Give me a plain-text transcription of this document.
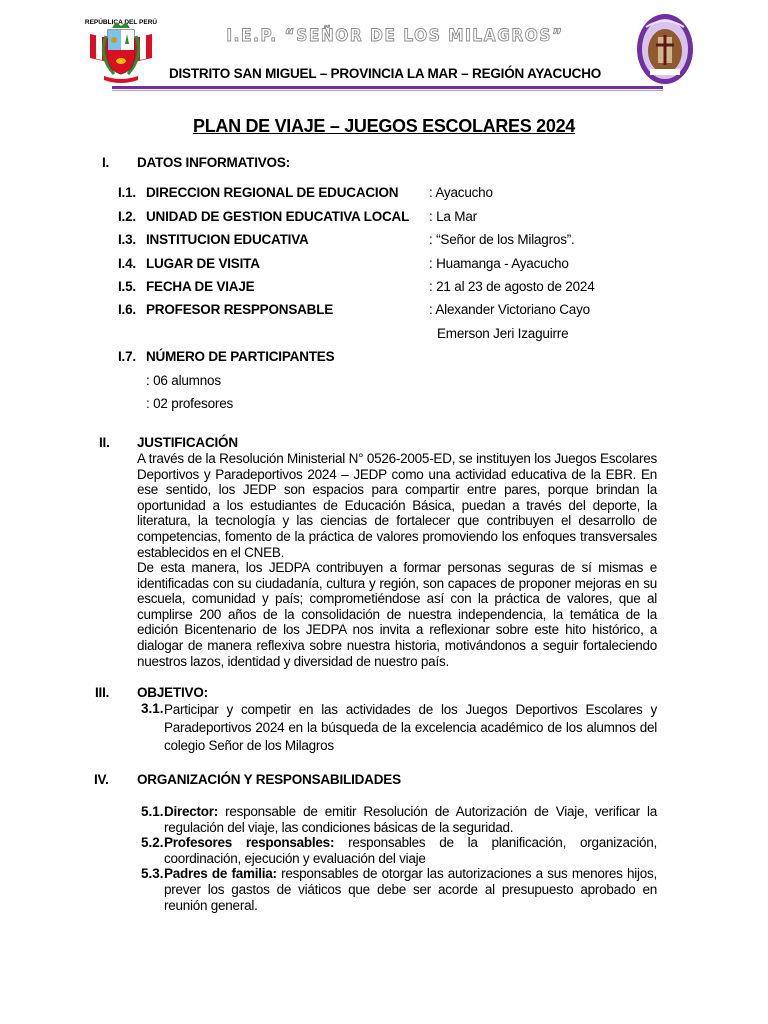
REPÚBLICA DEL PERÚ
I.E.P. “SEÑOR DE LOS MILAGROS”
DISTRITO SAN MIGUEL – PROVINCIA LA MAR – REGIÓN AYACUCHO
PLAN DE VIAJE – JUEGOS ESCOLARES 2024
I. DATOS INFORMATIVOS:
I.1. DIRECCION REGIONAL DE EDUCACION : Ayacucho
I.2. UNIDAD DE GESTION EDUCATIVA LOCAL : La Mar
I.3. INSTITUCION EDUCATIVA	: “Señor de los Milagros”.
I.4. LUGAR DE VISITA	: Huamanga - Ayacucho
I.5. FECHA DE VIAJE	: 21 al 23 de agosto de 2024
I.6. PROFESOR RESPPONSABLE	: Alexander Victoriano Cayo
Emerson Jeri Izaguirre
I.7. NÚMERO DE PARTICIPANTES
: 06 alumnos
: 02 profesores
II. JUSTIFICACIÓN
A través de la Resolución Ministerial N° 0526-2005-ED, se instituyen los Juegos Escolares Deportivos y Paradeportivos 2024 – JEDP como una actividad educativa de la EBR. En ese sentido, los JEDP son espacios para compartir entre pares, porque brindan la oportunidad a los estudiantes de Educación Básica, puedan a través del deporte, la literatura, la tecnología y las ciencias de fortalecer que contribuyen el desarrollo de competencias, fomento de la práctica de valores promoviendo los enfoques transversales establecidos en el CNEB.
De esta manera, los JEDPA contribuyen a formar personas seguras de sí mismas e identificadas con su ciudadanía, cultura y región, son capaces de proponer mejoras en su escuela, comunidad y país; comprometiéndose así con la práctica de valores, que al cumplirse 200 años de la consolidación de nuestra independencia, la temática de la edición Bicentenario de los JEDPA nos invita a reflexionar sobre este hito histórico, a dialogar de manera reflexiva sobre nuestra historia, motivándonos a seguir fortaleciendo nuestros lazos, identidad y diversidad de nuestro país.
III. OBJETIVO:
3.1. Participar y competir en las actividades de los Juegos Deportivos Escolares y Paradeportivos 2024 en la búsqueda de la excelencia académico de los alumnos del colegio Señor de los Milagros
IV. ORGANIZACIÓN Y RESPONSABILIDADES
5.1. Director: responsable de emitir Resolución de Autorización de Viaje, verificar la regulación del viaje, las condiciones básicas de la seguridad.
5.2. Profesores responsables: responsables de la planificación, organización, coordinación, ejecución y evaluación del viaje
5.3. Padres de familia: responsables de otorgar las autorizaciones a sus menores hijos, prever los gastos de viáticos que debe ser acorde al presupuesto aprobado en reunión general.
